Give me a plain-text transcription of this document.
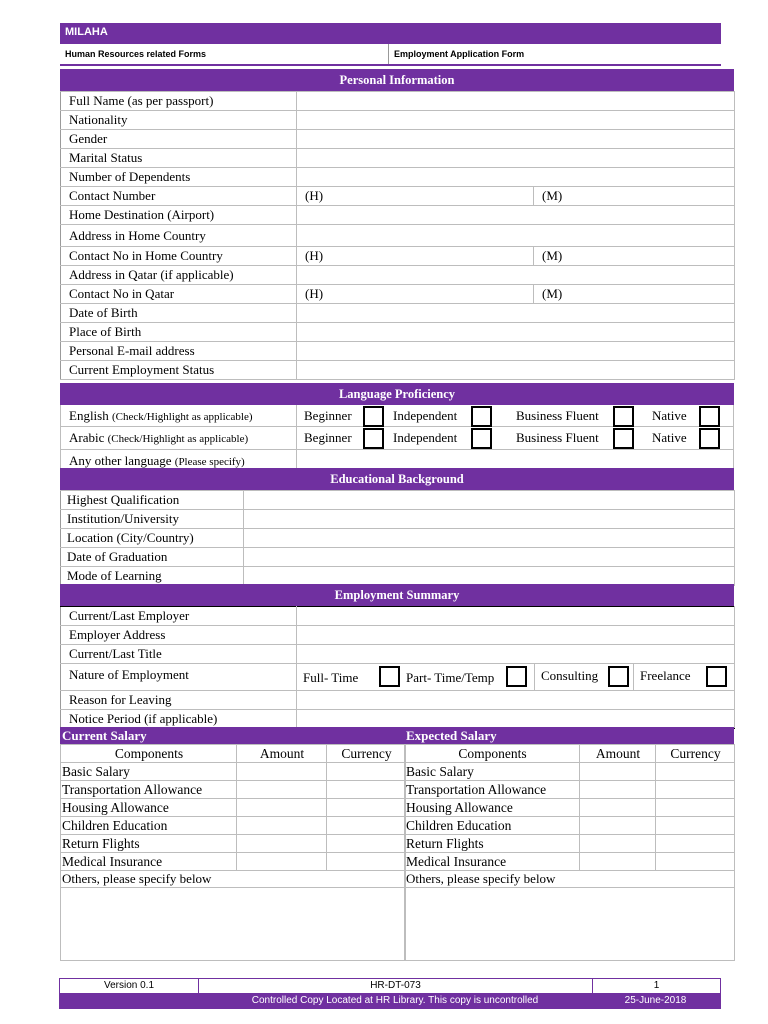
MILAHA
Human Resources related Forms	Employment Application Form
Personal Information
Full Name (as per passport)		
Nationality		
Gender		
Marital Status		
Number of Dependents		
Contact Number	(H)	(M)
Home Destination (Airport)		
Address in Home Country		
Contact No in Home Country	(H)	(M)
Address in Qatar (if applicable)		
Contact No in Qatar	(H)	(M)
Date of Birth		
Place of Birth		
Personal E-mail address		
Current Employment Status		
Language Proficiency
English (Check/Highlight as applicable)	Beginner	Independent	Business Fluent	Native
Arabic (Check/Highlight as applicable)	Beginner	Independent	Business Fluent	Native
Any other language (Please specify)
Educational Background
Highest Qualification	
Institution/University	
Location (City/Country)	
Date of Graduation	
Mode of Learning	
Employment Summary
Current/Last Employer	
Employer Address	
Current/Last Title	
Nature of Employment	Full- Time Part- Time/Temp Consulting Freelance

Reason for Leaving	
Notice Period (if applicable)	
Current Salary	Expected Salary
Components	Amount	Currency
Basic Salary		
Transportation Allowance		
Housing Allowance		
Children Education		
Return Flights		
Medical Insurance		
Others, please specify below		

Components	Amount	Currency
Basic Salary		
Transportation Allowance		
Housing Allowance		
Children Education		
Return Flights		
Medical Insurance		
Others, please specify below		

Version 0.1	HR-DT-073	1
Controlled Copy Located at HR Library. This copy is uncontrolled	25-June-2018
